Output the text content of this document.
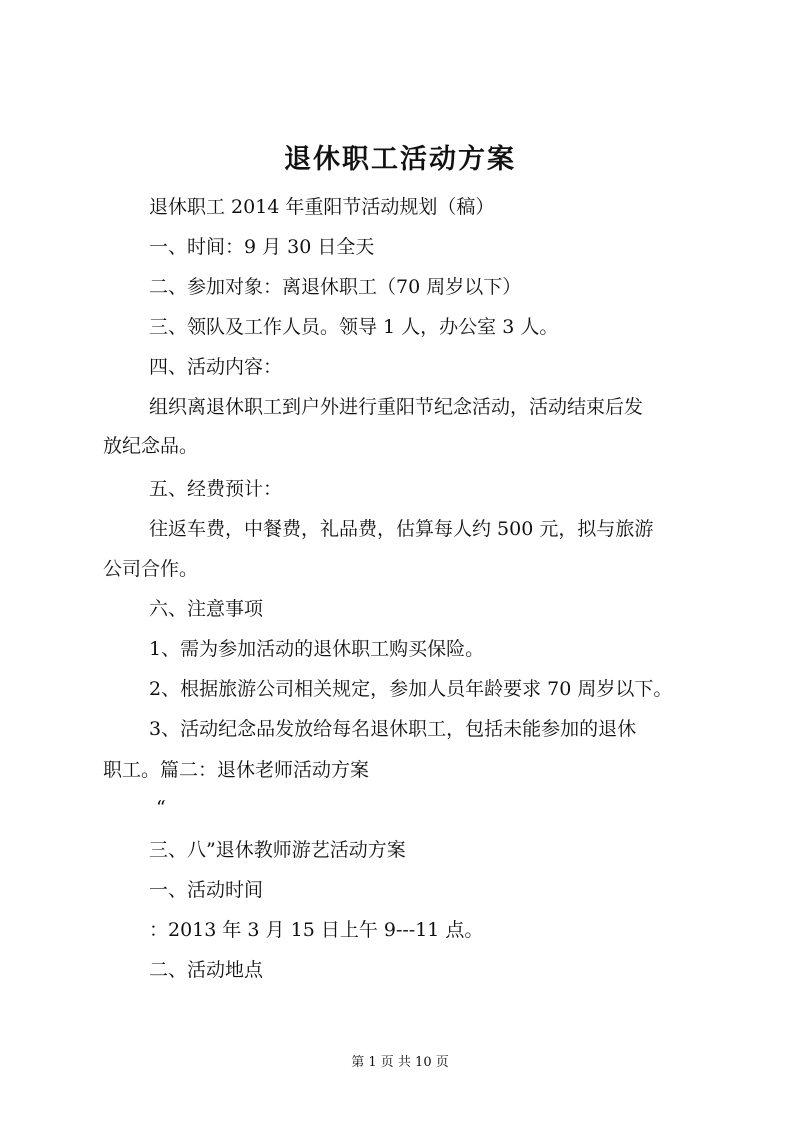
退休职工活动方案

退休职工 2014 年重阳节活动规划（稿）

一、时间：9 月 30 日全天

二、参加对象：离退休职工（70 周岁以下）

三、领队及工作人员。领导 1 人，办公室 3 人。

四、活动内容：

组织离退休职工到户外进行重阳节纪念活动，活动结束后发

放纪念品。

五、经费预计：

往返车费，中餐费，礼品费，估算每人约 500 元，拟与旅游

公司合作。

六、注意事项

1、需为参加活动的退休职工购买保险。

2、根据旅游公司相关规定，参加人员年龄要求 70 周岁以下。

3、活动纪念品发放给每名退休职工，包括未能参加的退休

职工。篇二：退休老师活动方案

“

三、八”退休教师游艺活动方案

一、活动时间

：2013 年 3 月 15 日上午 9---11 点。

二、活动地点

第 1 页 共 10 页
